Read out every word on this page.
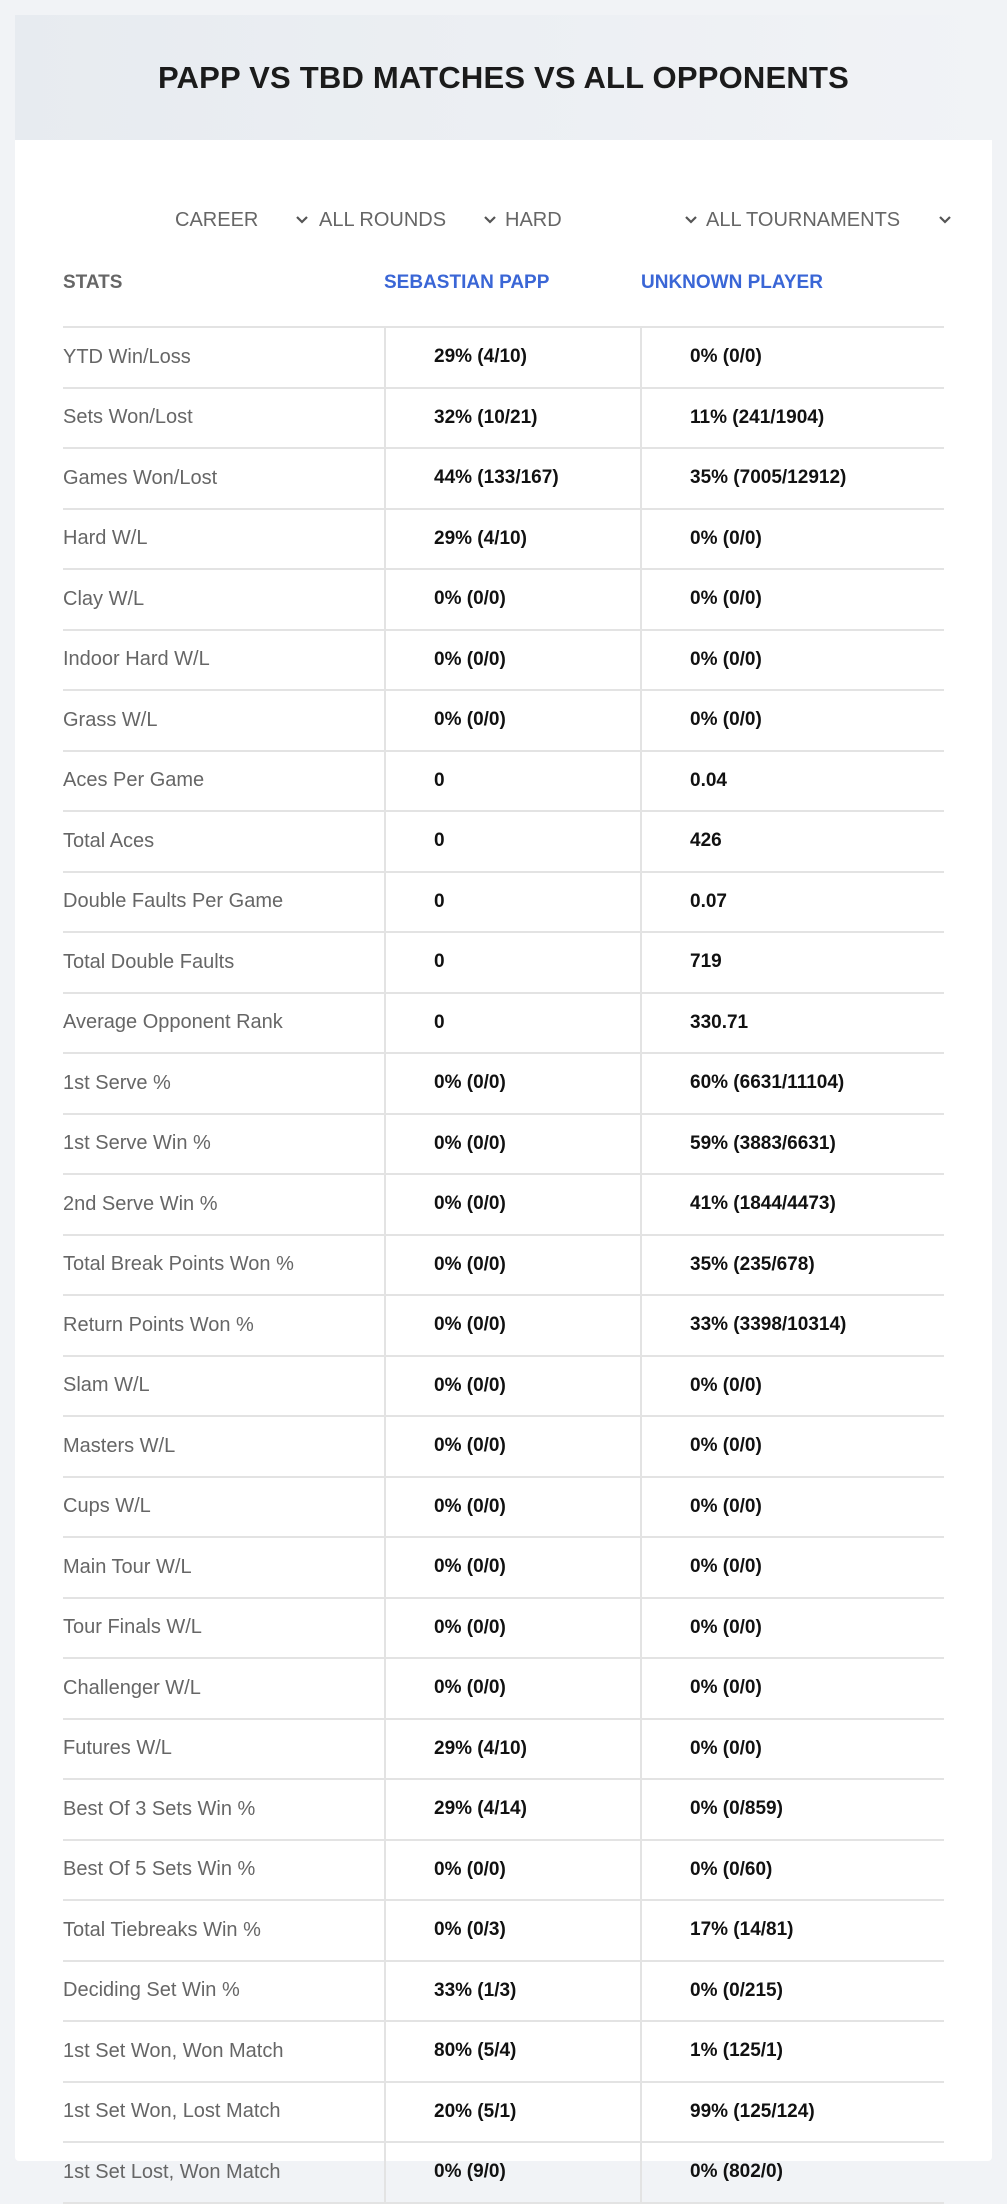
PAPP VS TBD MATCHES VS ALL OPPONENTS
CAREER	ALL ROUNDS	HARD	ALL TOURNAMENTS
STATS	SEBASTIAN PAPP	UNKNOWN PLAYER
YTD Win/Loss	29% (4/10)	0% (0/0)
Sets Won/Lost	32% (10/21)	11% (241/1904)
Games Won/Lost	44% (133/167)	35% (7005/12912)
Hard W/L	29% (4/10)	0% (0/0)
Clay W/L	0% (0/0)	0% (0/0)
Indoor Hard W/L	0% (0/0)	0% (0/0)
Grass W/L	0% (0/0)	0% (0/0)
Aces Per Game	0	0.04
Total Aces	0	426
Double Faults Per Game	0	0.07
Total Double Faults	0	719
Average Opponent Rank	0	330.71
1st Serve %	0% (0/0)	60% (6631/11104)
1st Serve Win %	0% (0/0)	59% (3883/6631)
2nd Serve Win %	0% (0/0)	41% (1844/4473)
Total Break Points Won %	0% (0/0)	35% (235/678)
Return Points Won %	0% (0/0)	33% (3398/10314)
Slam W/L	0% (0/0)	0% (0/0)
Masters W/L	0% (0/0)	0% (0/0)
Cups W/L	0% (0/0)	0% (0/0)
Main Tour W/L	0% (0/0)	0% (0/0)
Tour Finals W/L	0% (0/0)	0% (0/0)
Challenger W/L	0% (0/0)	0% (0/0)
Futures W/L	29% (4/10)	0% (0/0)
Best Of 3 Sets Win %	29% (4/14)	0% (0/859)
Best Of 5 Sets Win %	0% (0/0)	0% (0/60)
Total Tiebreaks Win %	0% (0/3)	17% (14/81)
Deciding Set Win %	33% (1/3)	0% (0/215)
1st Set Won, Won Match	80% (5/4)	1% (125/1)
1st Set Won, Lost Match	20% (5/1)	99% (125/124)
1st Set Lost, Won Match	0% (9/0)	0% (802/0)
